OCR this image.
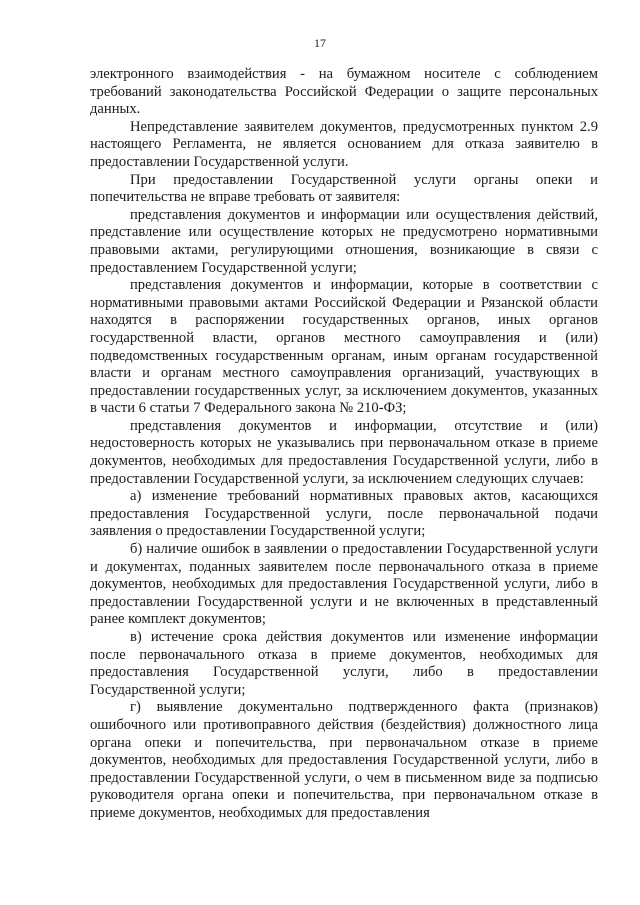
17

электронного взаимодействия - на бумажном носителе с соблюдением требований законодательства Российской Федерации о защите персональных данных.

Непредставление заявителем документов, предусмотренных пунктом 2.9 настоящего Регламента, не является основанием для отказа заявителю в предоставлении Государственной услуги.

При предоставлении Государственной услуги органы опеки и попечительства не вправе требовать от заявителя:

представления документов и информации или осуществления действий, представление или осуществление которых не предусмотрено нормативными правовыми актами, регулирующими отношения, возникающие в связи с предоставлением Государственной услуги;

представления документов и информации, которые в соответствии с нормативными правовыми актами Российской Федерации и Рязанской области находятся в распоряжении государственных органов, иных органов государственной власти, органов местного самоуправления и (или) подведомственных государственным органам, иным органам государственной власти и органам местного самоуправления организаций, участвующих в предоставлении государственных услуг, за исключением документов, указанных в части 6 статьи 7 Федерального закона № 210-ФЗ;

представления документов и информации, отсутствие и (или) недостоверность которых не указывались при первоначальном отказе в приеме документов, необходимых для предоставления Государственной услуги, либо в предоставлении Государственной услуги, за исключением следующих случаев:

а) изменение требований нормативных правовых актов, касающихся предоставления Государственной услуги, после первоначальной подачи заявления о предоставлении Государственной услуги;

б) наличие ошибок в заявлении о предоставлении Государственной услуги и документах, поданных заявителем после первоначального отказа в приеме документов, необходимых для предоставления Государственной услуги, либо в предоставлении Государственной услуги и не включенных в представленный ранее комплект документов;

в) истечение срока действия документов или изменение информации после первоначального отказа в приеме документов, необходимых для предоставления Государственной услуги, либо в предоставлении Государственной услуги;

г) выявление документально подтвержденного факта (признаков) ошибочного или противоправного действия (бездействия) должностного лица органа опеки и попечительства, при первоначальном отказе в приеме документов, необходимых для предоставления Государственной услуги, либо в предоставлении Государственной услуги, о чем в письменном виде за подписью руководителя органа опеки и попечительства, при первоначальном отказе в приеме документов, необходимых для предоставления
